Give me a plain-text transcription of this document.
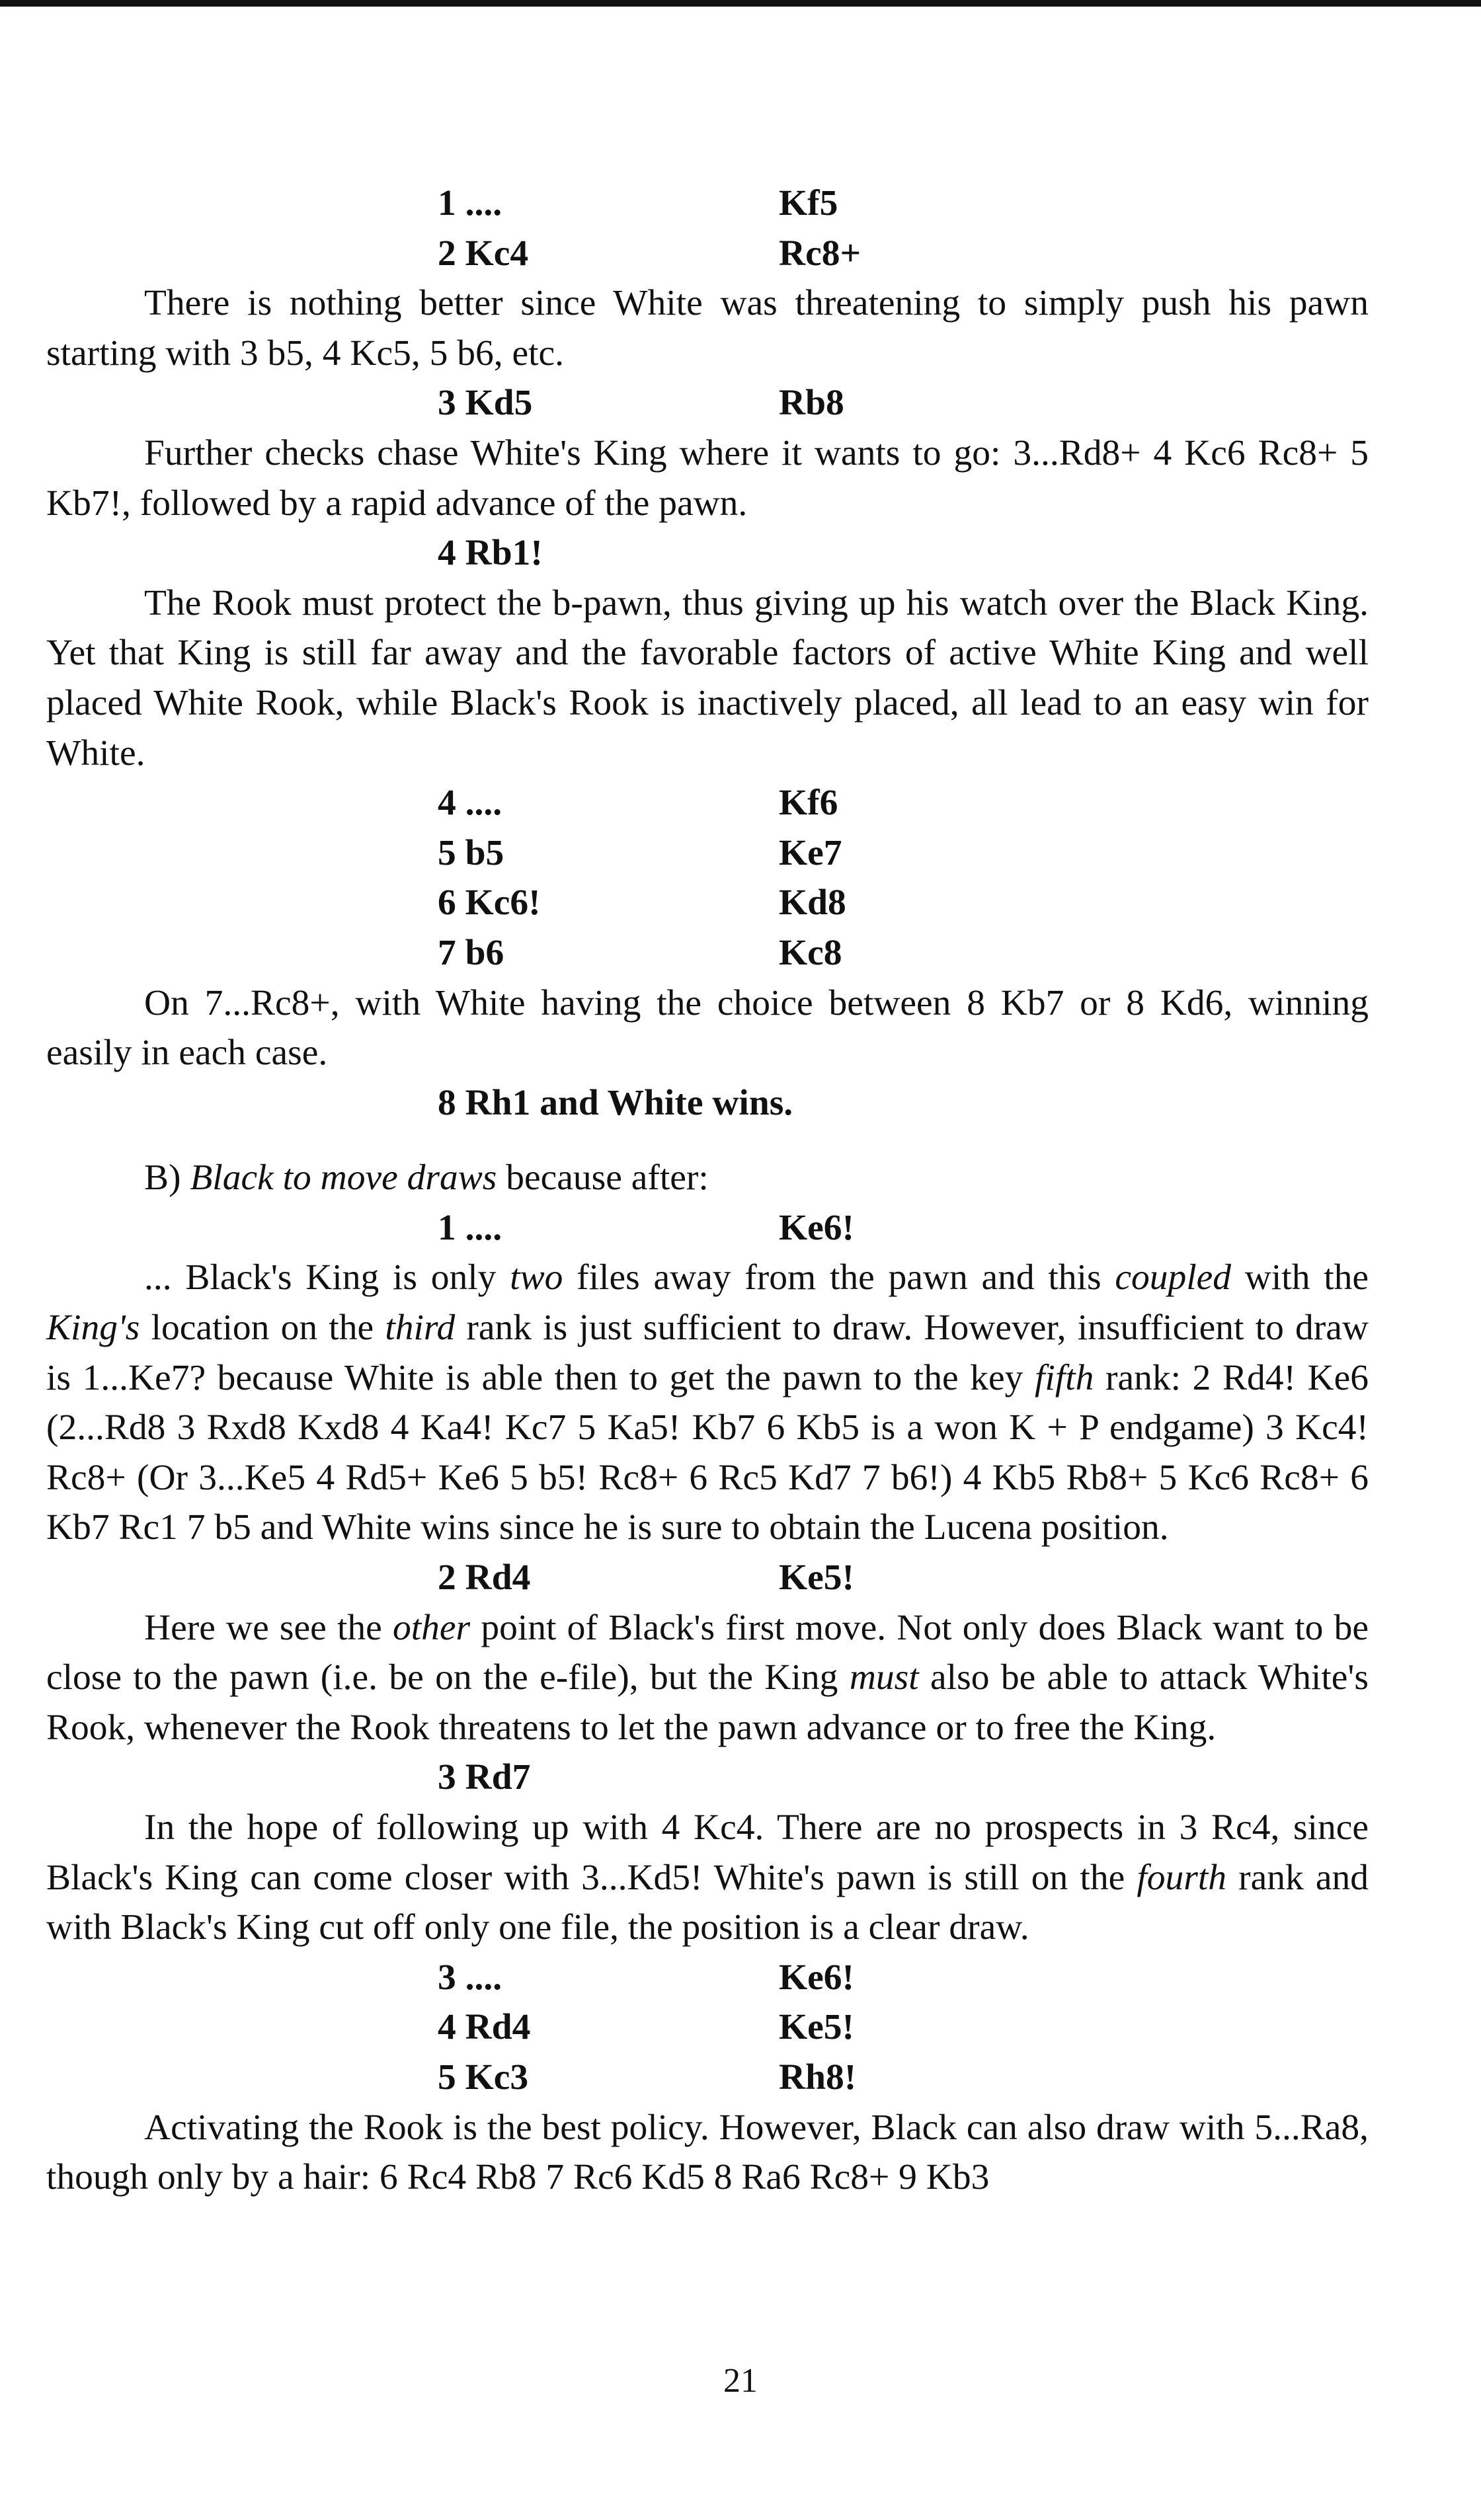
1 ....	Kf5
2 Kc4	Rc8+

There is nothing better since White was threatening to simply push his pawn starting with 3 b5, 4 Kc5, 5 b6, etc.

3 Kd5	Rb8

Further checks chase White's King where it wants to go: 3...Rd8+ 4 Kc6 Rc8+ 5 Kb7!, followed by a rapid advance of the pawn.

4 Rb1!

The Rook must protect the b-pawn, thus giving up his watch over the Black King. Yet that King is still far away and the favorable factors of active White King and well placed White Rook, while Black's Rook is inactively placed, all lead to an easy win for White.

4 ....	Kf6
5 b5	Ke7
6 Kc6!	Kd8
7 b6	Kc8

On 7...Rc8+, with White having the choice between 8 Kb7 or 8 Kd6, winning easily in each case.

8 Rh1 and White wins.

B) Black to move draws because after:

1 ....	Ke6!

... Black's King is only two files away from the pawn and this coupled with the King's location on the third rank is just sufficient to draw. However, insufficient to draw is 1...Ke7? because White is able then to get the pawn to the key fifth rank: 2 Rd4! Ke6 (2...Rd8 3 Rxd8 Kxd8 4 Ka4! Kc7 5 Ka5! Kb7 6 Kb5 is a won K + P endgame) 3 Kc4! Rc8+ (Or 3...Ke5 4 Rd5+ Ke6 5 b5! Rc8+ 6 Rc5 Kd7 7 b6!) 4 Kb5 Rb8+ 5 Kc6 Rc8+ 6 Kb7 Rc1 7 b5 and White wins since he is sure to obtain the Lucena position.

2 Rd4	Ke5!

Here we see the other point of Black's first move. Not only does Black want to be close to the pawn (i.e. be on the e-file), but the King must also be able to attack White's Rook, whenever the Rook threatens to let the pawn advance or to free the King.

3 Rd7

In the hope of following up with 4 Kc4. There are no prospects in 3 Rc4, since Black's King can come closer with 3...Kd5! White's pawn is still on the fourth rank and with Black's King cut off only one file, the position is a clear draw.

3 ....	Ke6!
4 Rd4	Ke5!
5 Kc3	Rh8!

Activating the Rook is the best policy. However, Black can also draw with 5...Ra8, though only by a hair: 6 Rc4 Rb8 7 Rc6 Kd5 8 Ra6 Rc8+ 9 Kb3

21
